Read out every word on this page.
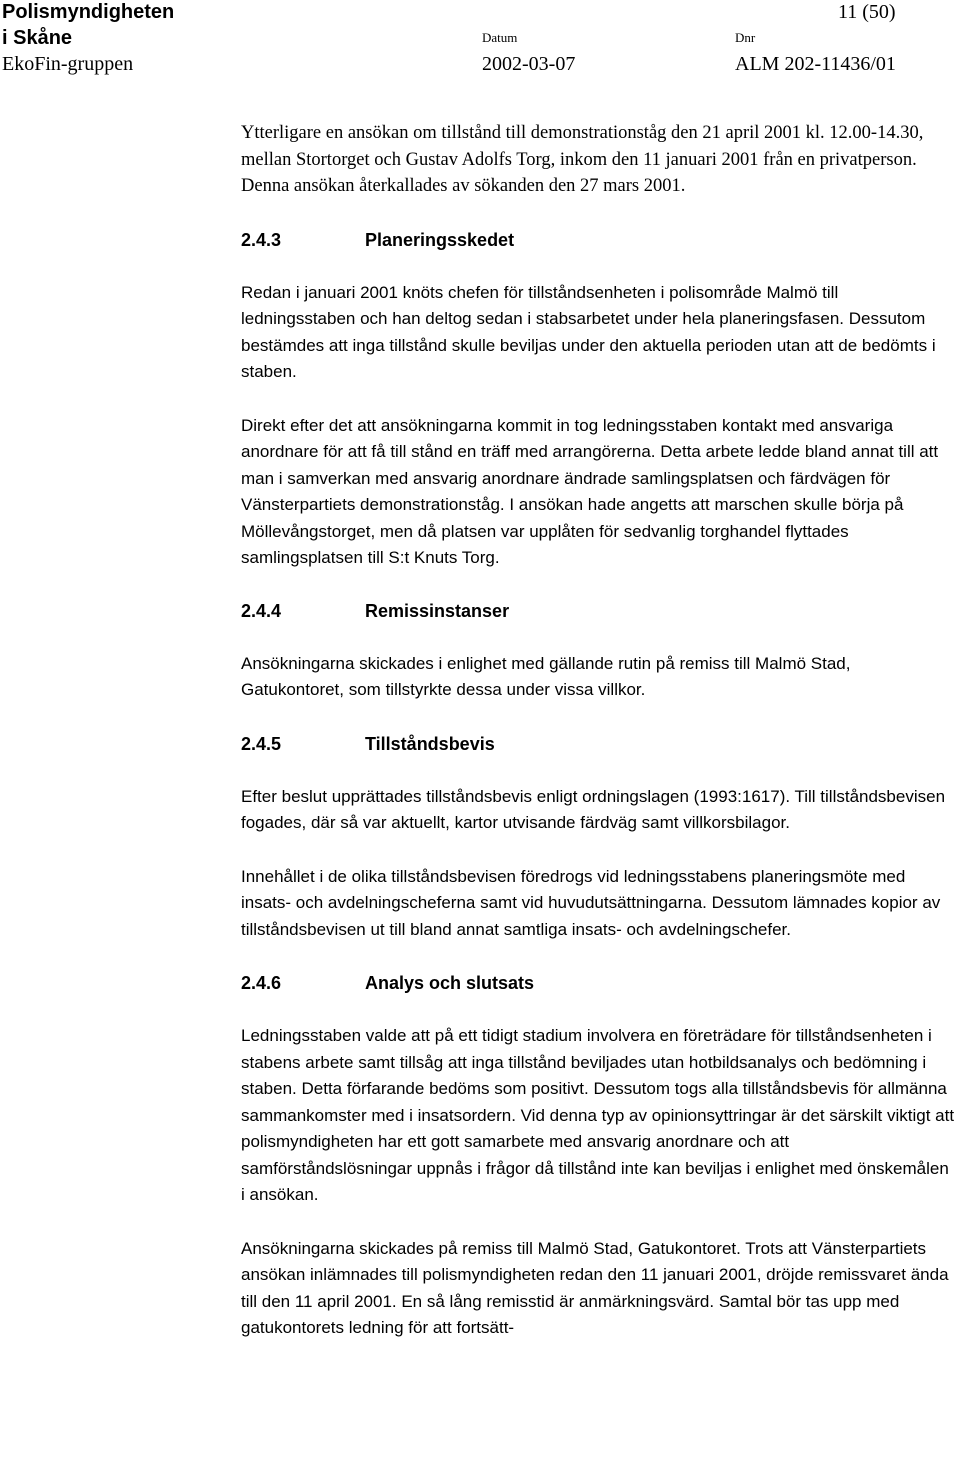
Polismyndigheten
i Skåne
EkoFin-gruppen
11 (50)
Datum
2002-03-07
Dnr
ALM 202-11436/01

Ytterligare en ansökan om tillstånd till demonstrationståg den 21 april 2001 kl. 12.00-14.30, mellan Stortorget och Gustav Adolfs Torg, inkom den 11 januari 2001 från en privatperson. Denna ansökan återkallades av sökanden den 27 mars 2001.

2.4.3	Planeringsskedet

Redan i januari 2001 knöts chefen för tillståndsenheten i polisområde Malmö till ledningsstaben och han deltog sedan i stabsarbetet under hela planeringsfasen. Dessutom bestämdes att inga tillstånd skulle beviljas under den aktuella perioden utan att de bedömts i staben.

Direkt efter det att ansökningarna kommit in tog ledningsstaben kontakt med ansvariga anordnare för att få till stånd en träff med arrangörerna. Detta arbete ledde bland annat till att man i samverkan med ansvarig anordnare ändrade samlingsplatsen och färdvägen för Vänsterpartiets demonstrationståg. I ansökan hade angetts att marschen skulle börja på Möllevångstorget, men då platsen var upplåten för sedvanlig torghandel flyttades samlingsplatsen till S:t Knuts Torg.

2.4.4	Remissinstanser

Ansökningarna skickades i enlighet med gällande rutin på remiss till Malmö Stad, Gatukontoret, som tillstyrkte dessa under vissa villkor.

2.4.5	Tillståndsbevis

Efter beslut upprättades tillståndsbevis enligt ordningslagen (1993:1617). Till tillståndsbevisen fogades, där så var aktuellt, kartor utvisande färdväg samt villkorsbilagor.

Innehållet i de olika tillståndsbevisen föredrogs vid ledningsstabens planeringsmöte med insats- och avdelningscheferna samt vid huvudutsättningarna. Dessutom lämnades kopior av tillståndsbevisen ut till bland annat samtliga insats- och avdelningschefer.

2.4.6	Analys och slutsats

Ledningsstaben valde att på ett tidigt stadium involvera en företrädare för tillståndsenheten i stabens arbete samt tillsåg att inga tillstånd beviljades utan hotbildsanalys och bedömning i staben. Detta förfarande bedöms som positivt. Dessutom togs alla tillståndsbevis för allmänna sammankomster med i insatsordern. Vid denna typ av opinionsyttringar är det särskilt viktigt att polismyndigheten har ett gott samarbete med ansvarig anordnare och att samförståndslösningar uppnås i frågor då tillstånd inte kan beviljas i enlighet med önskemålen i ansökan.

Ansökningarna skickades på remiss till Malmö Stad, Gatukontoret. Trots att Vänsterpartiets ansökan inlämnades till polismyndigheten redan den 11 januari 2001, dröjde remissvaret ända till den 11 april 2001. En så lång remisstid är anmärkningsvärd. Samtal bör tas upp med gatukontorets ledning för att fortsätt-
